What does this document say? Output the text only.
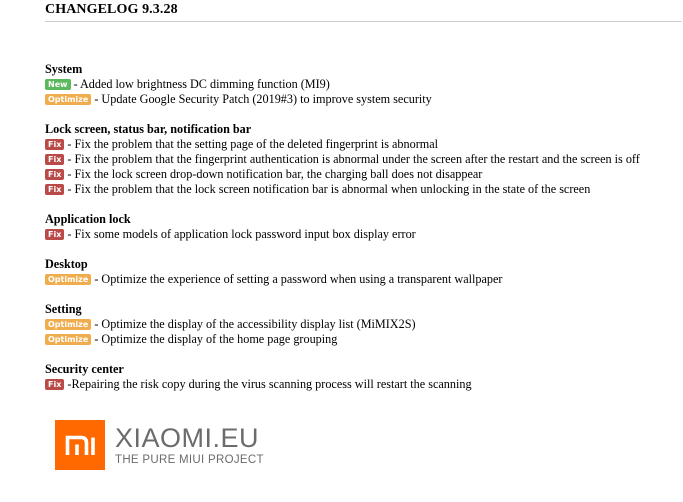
CHANGELOG 9.3.28
System
New - Added low brightness DC dimming function (MI9)
Optimize - Update Google Security Patch (2019#3) to improve system security
Lock screen, status bar, notification bar
Fix - Fix the problem that the setting page of the deleted fingerprint is abnormal
Fix - Fix the problem that the fingerprint authentication is abnormal under the screen after the restart and the screen is off
Fix - Fix the lock screen drop-down notification bar, the charging ball does not disappear
Fix - Fix the problem that the lock screen notification bar is abnormal when unlocking in the state of the screen
Application lock
Fix - Fix some models of application lock password input box display error
Desktop
Optimize - Optimize the experience of setting a password when using a transparent wallpaper
Setting
Optimize - Optimize the display of the accessibility display list (MiMIX2S)
Optimize - Optimize the display of the home page grouping
Security center
Fix -Repairing the risk copy during the virus scanning process will restart the scanning
XIAOMI.EU
THE PURE MIUI PROJECT
